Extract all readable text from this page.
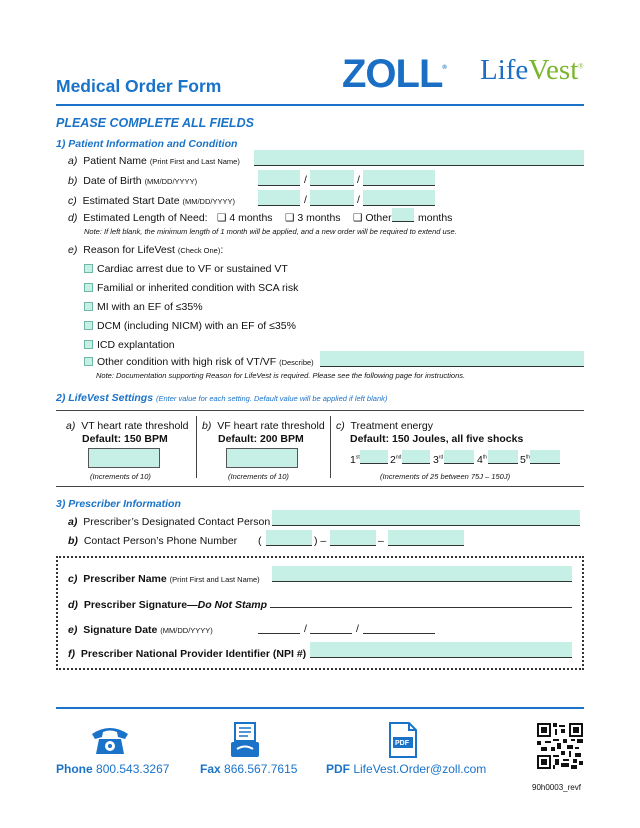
Medical Order Form	ZOLL® LifeVest®
PLEASE COMPLETE ALL FIELDS
1) Patient Information and Condition
a) Patient Name (Print First and Last Name)
b) Date of Birth (MM/DD/YYYY)	/	/
c) Estimated Start Date (MM/DD/YYYY)	/	/
d) Estimated Length of Need: ❑ 4 months ❑ 3 months ❑ Other	months
Note: If left blank, the minimum length of 1 month will be applied, and a new order will be required to extend use.
e) Reason for LifeVest (Check One):
Cardiac arrest due to VF or sustained VT
Familial or inherited condition with SCA risk
MI with an EF of ≤35%
DCM (including NICM) with an EF of ≤35%
ICD explantation
Other condition with high risk of VT/VF (Describe)
Note: Documentation supporting Reason for LifeVest is required. Please see the following page for instructions.
2) LifeVest Settings (Enter value for each setting. Default value will be applied if left blank)
a) VT heart rate threshold
Default: 150 BPM
(Increments of 10)
b) VF heart rate threshold
Default: 200 BPM
(Increments of 10)
c) Treatment energy
Default: 150 Joules, all five shocks
1st	2nd	3rd	4th	5th
(Increments of 25 between 75J – 150J)
3) Prescriber Information
a) Prescriber’s Designated Contact Person
b) Contact Person’s Phone Number (	) –	–
c) Prescriber Name (Print First and Last Name)
d) Prescriber Signature—Do Not Stamp
e) Signature Date (MM/DD/YYYY)	/	/
f) Prescriber National Provider Identifier (NPI #)
PDF
Phone 800.543.3267	Fax 866.567.7615 PDF LifeVest.Order@zoll.com
90h0003_revf
